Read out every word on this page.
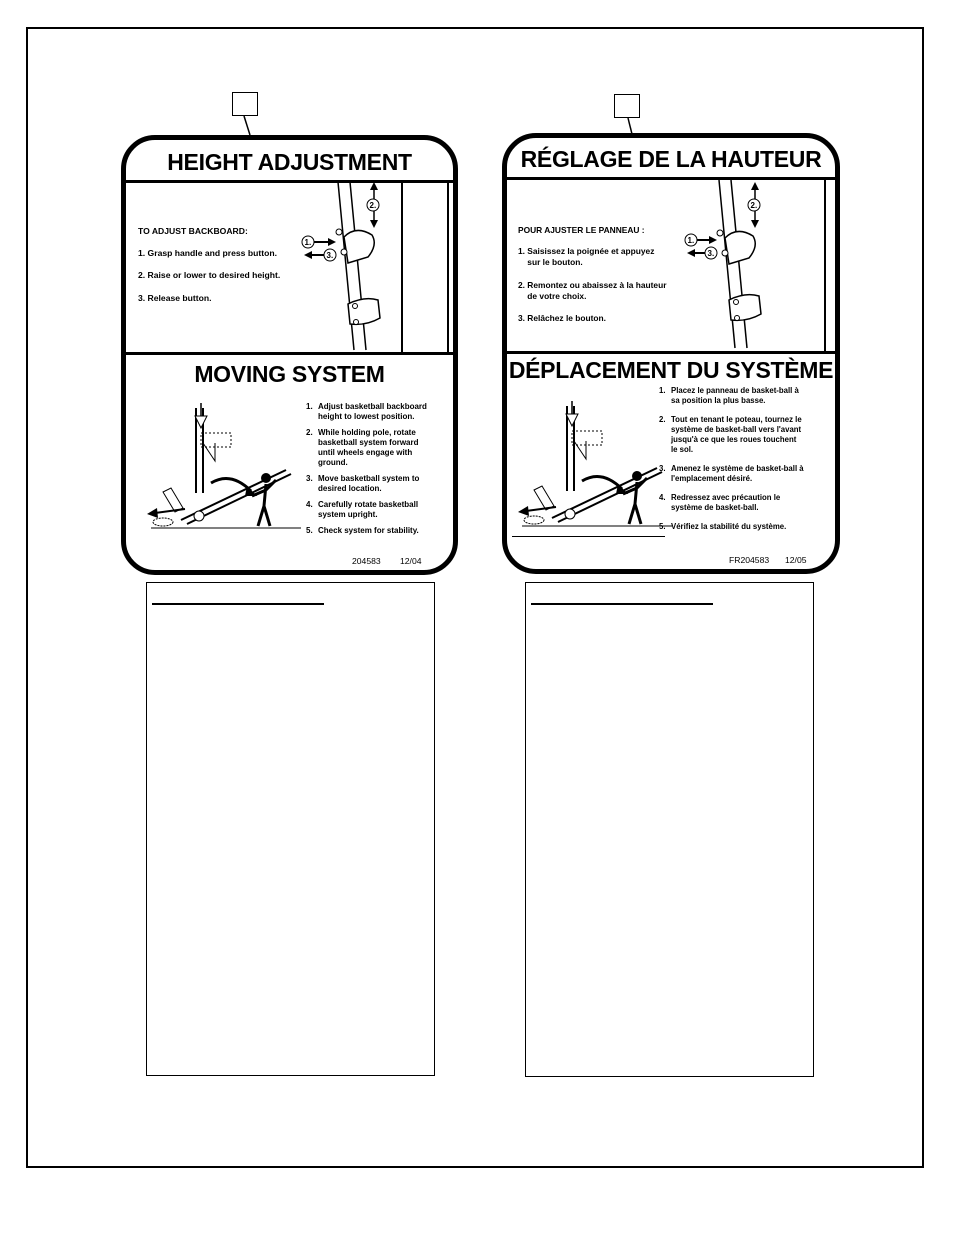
HEIGHT ADJUSTMENT
TO ADJUST BACKBOARD:
1. Grasp handle and press button.
2. Raise or lower to desired height.
3. Release button.
2.
1.
3.
MOVING SYSTEM
1. Adjust basketball backboard
height to lowest position.
2. While holding pole, rotate
basketball system forward
until wheels engage with
ground.
3. Move basketball system to
desired location.
4. Carefully rotate basketball
system upright.
5. Check system for stability.
204583 12/04
RÉGLAGE DE LA HAUTEUR
POUR AJUSTER LE PANNEAU :
1. Saisissez la poignée et appuyez
sur le bouton.
2. Remontez ou abaissez à la hauteur
de votre choix.
3. Relâchez le bouton.
2.
1.
3.
DÉPLACEMENT DU SYSTÈME
1. Placez le panneau de basket-ball à
sa position la plus basse.
2. Tout en tenant le poteau, tournez le
système de basket-ball vers l'avant
jusqu'à ce que les roues touchent
le sol.
3. Amenez le système de basket-ball à
l'emplacement désiré.
4. Redressez avec précaution le
système de basket-ball.
5. Vérifiez la stabilité du système.
FR204583 12/05
